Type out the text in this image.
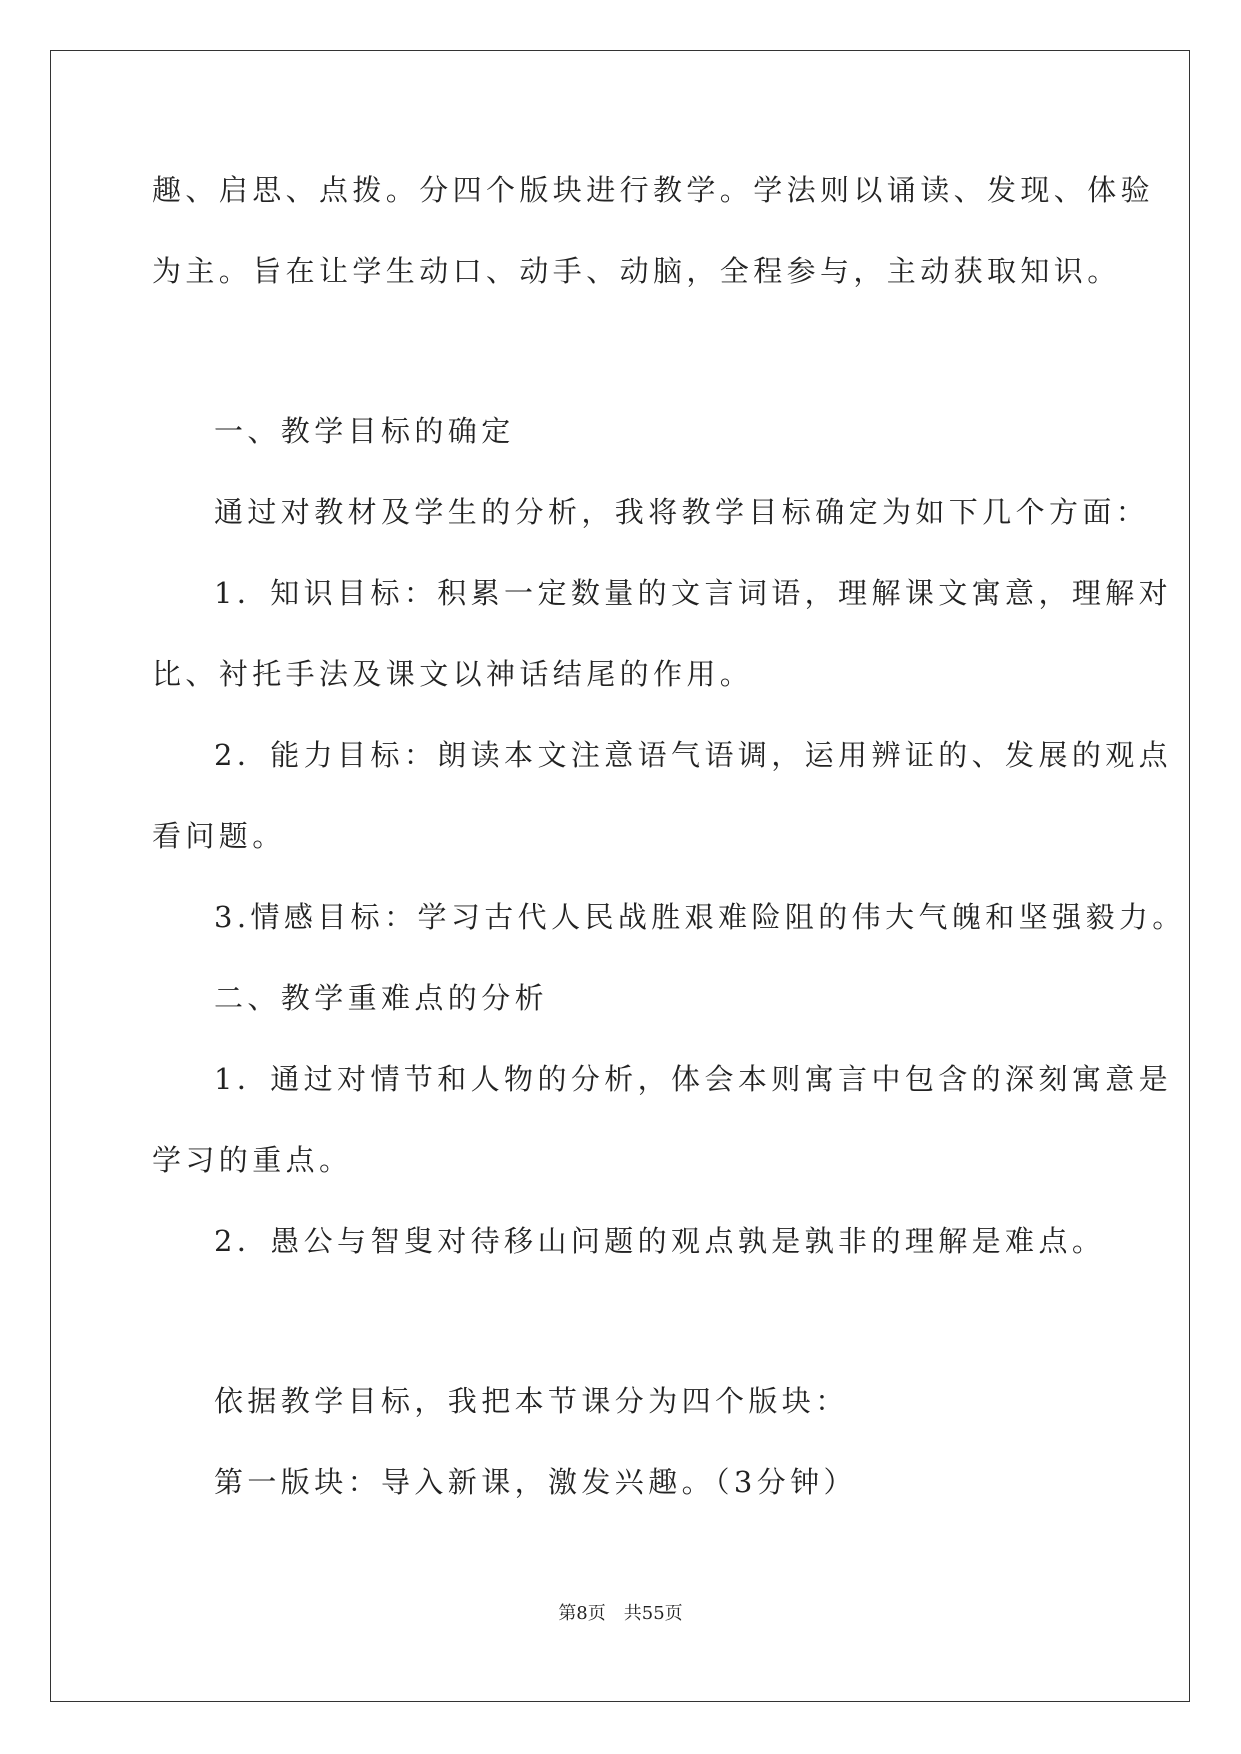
趣、启思、点拨。分四个版块进行教学。学法则以诵读、发现、体验
为主。旨在让学生动口、动手、动脑，全程参与，主动获取知识。
一、教学目标的确定
通过对教材及学生的分析，我将教学目标确定为如下几个方面：
1．知识目标：积累一定数量的文言词语，理解课文寓意，理解对
比、衬托手法及课文以神话结尾的作用。
2．能力目标：朗读本文注意语气语调，运用辨证的、发展的观点
看问题。
3.情感目标：学习古代人民战胜艰难险阻的伟大气魄和坚强毅力。
二、教学重难点的分析
1．通过对情节和人物的分析，体会本则寓言中包含的深刻寓意是
学习的重点。
2．愚公与智叟对待移山问题的观点孰是孰非的理解是难点。
依据教学目标，我把本节课分为四个版块：
第一版块：导入新课，激发兴趣。（3分钟）
第8页　共55页
